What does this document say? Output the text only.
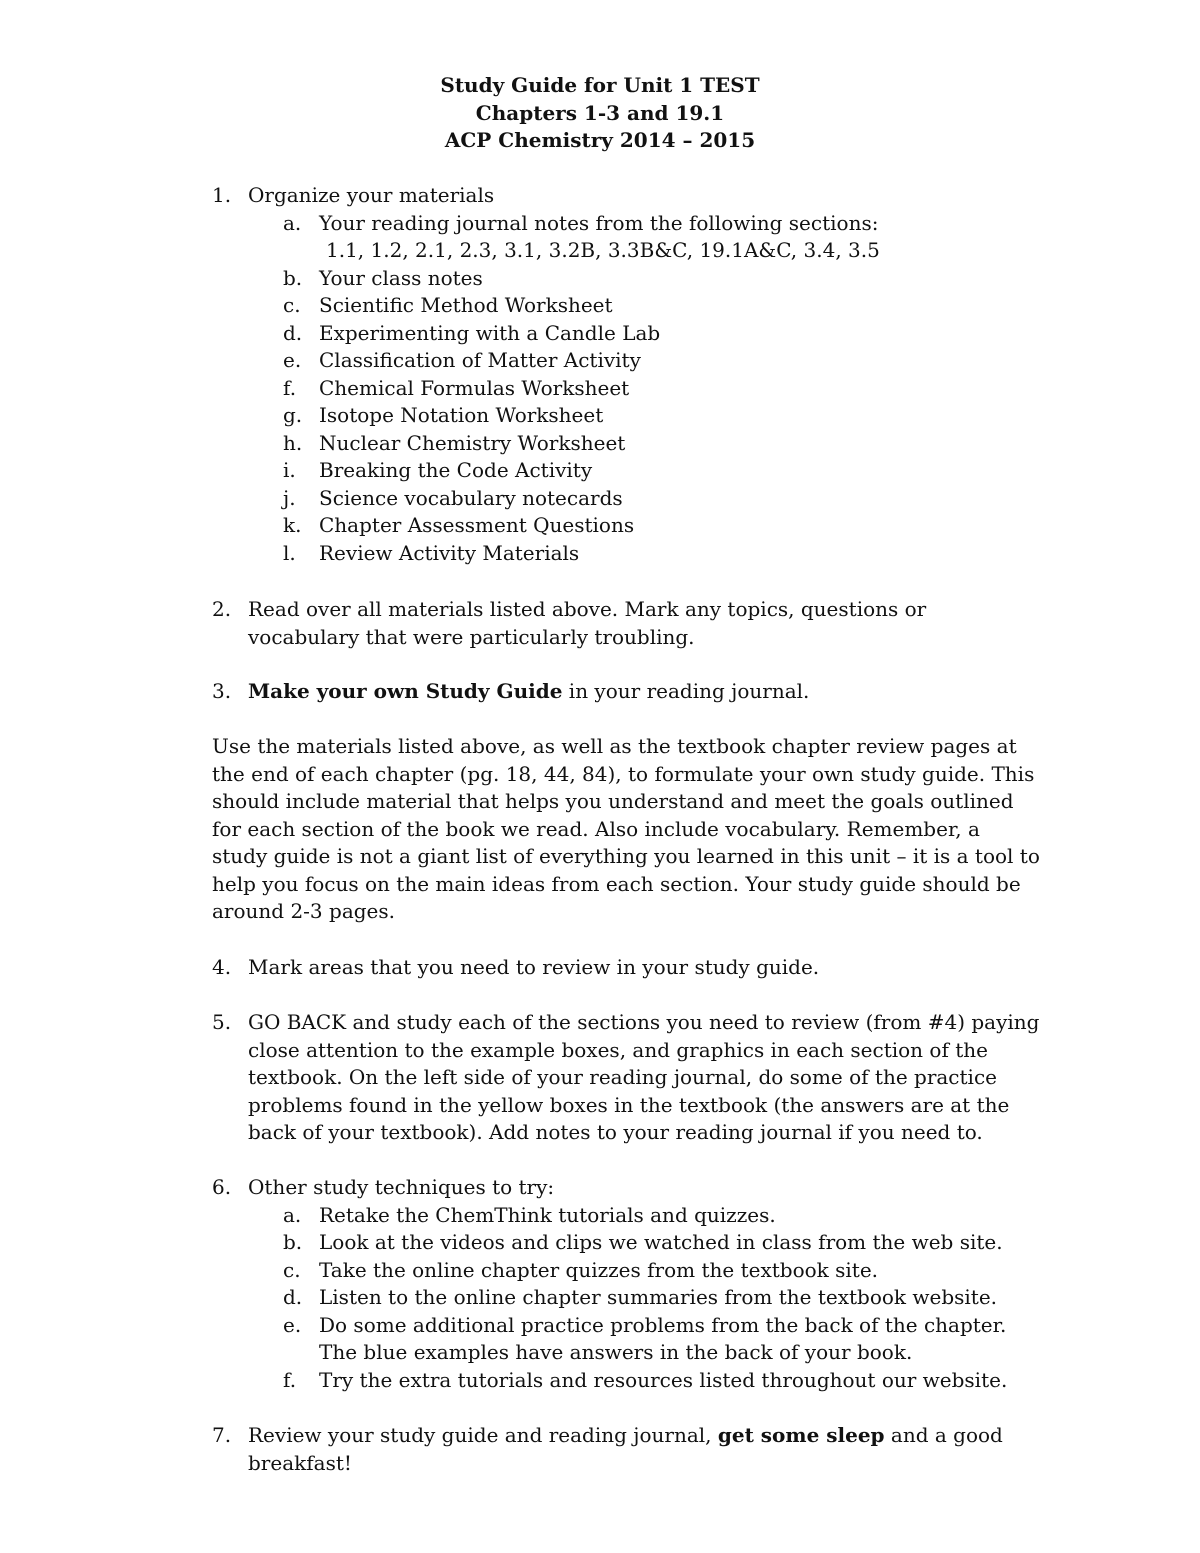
Study Guide for Unit 1 TEST
Chapters 1-3 and 19.1
ACP Chemistry 2014 – 2015
1. Organize your materials
a. Your reading journal notes from the following sections:
1.1, 1.2, 2.1, 2.3, 3.1, 3.2B, 3.3B&C, 19.1A&C, 3.4, 3.5
b. Your class notes
c. Scientific Method Worksheet
d. Experimenting with a Candle Lab
e. Classification of Matter Activity
f. Chemical Formulas Worksheet
g. Isotope Notation Worksheet
h. Nuclear Chemistry Worksheet
i. Breaking the Code Activity
j. Science vocabulary notecards
k. Chapter Assessment Questions
l. Review Activity Materials
2. Read over all materials listed above. Mark any topics, questions or
vocabulary that were particularly troubling.
3. Make your own Study Guide in your reading journal.
Use the materials listed above, as well as the textbook chapter review pages at
the end of each chapter (pg. 18, 44, 84), to formulate your own study guide. This
should include material that helps you understand and meet the goals outlined
for each section of the book we read. Also include vocabulary. Remember, a
study guide is not a giant list of everything you learned in this unit – it is a tool to
help you focus on the main ideas from each section. Your study guide should be
around 2-3 pages.
4. Mark areas that you need to review in your study guide.
5. GO BACK and study each of the sections you need to review (from #4) paying
close attention to the example boxes, and graphics in each section of the
textbook. On the left side of your reading journal, do some of the practice
problems found in the yellow boxes in the textbook (the answers are at the
back of your textbook). Add notes to your reading journal if you need to.
6. Other study techniques to try:
a. Retake the ChemThink tutorials and quizzes.
b. Look at the videos and clips we watched in class from the web site.
c. Take the online chapter quizzes from the textbook site.
d. Listen to the online chapter summaries from the textbook website.
e. Do some additional practice problems from the back of the chapter.
The blue examples have answers in the back of your book.
f. Try the extra tutorials and resources listed throughout our website.
7. Review your study guide and reading journal, get some sleep and a good
breakfast!
